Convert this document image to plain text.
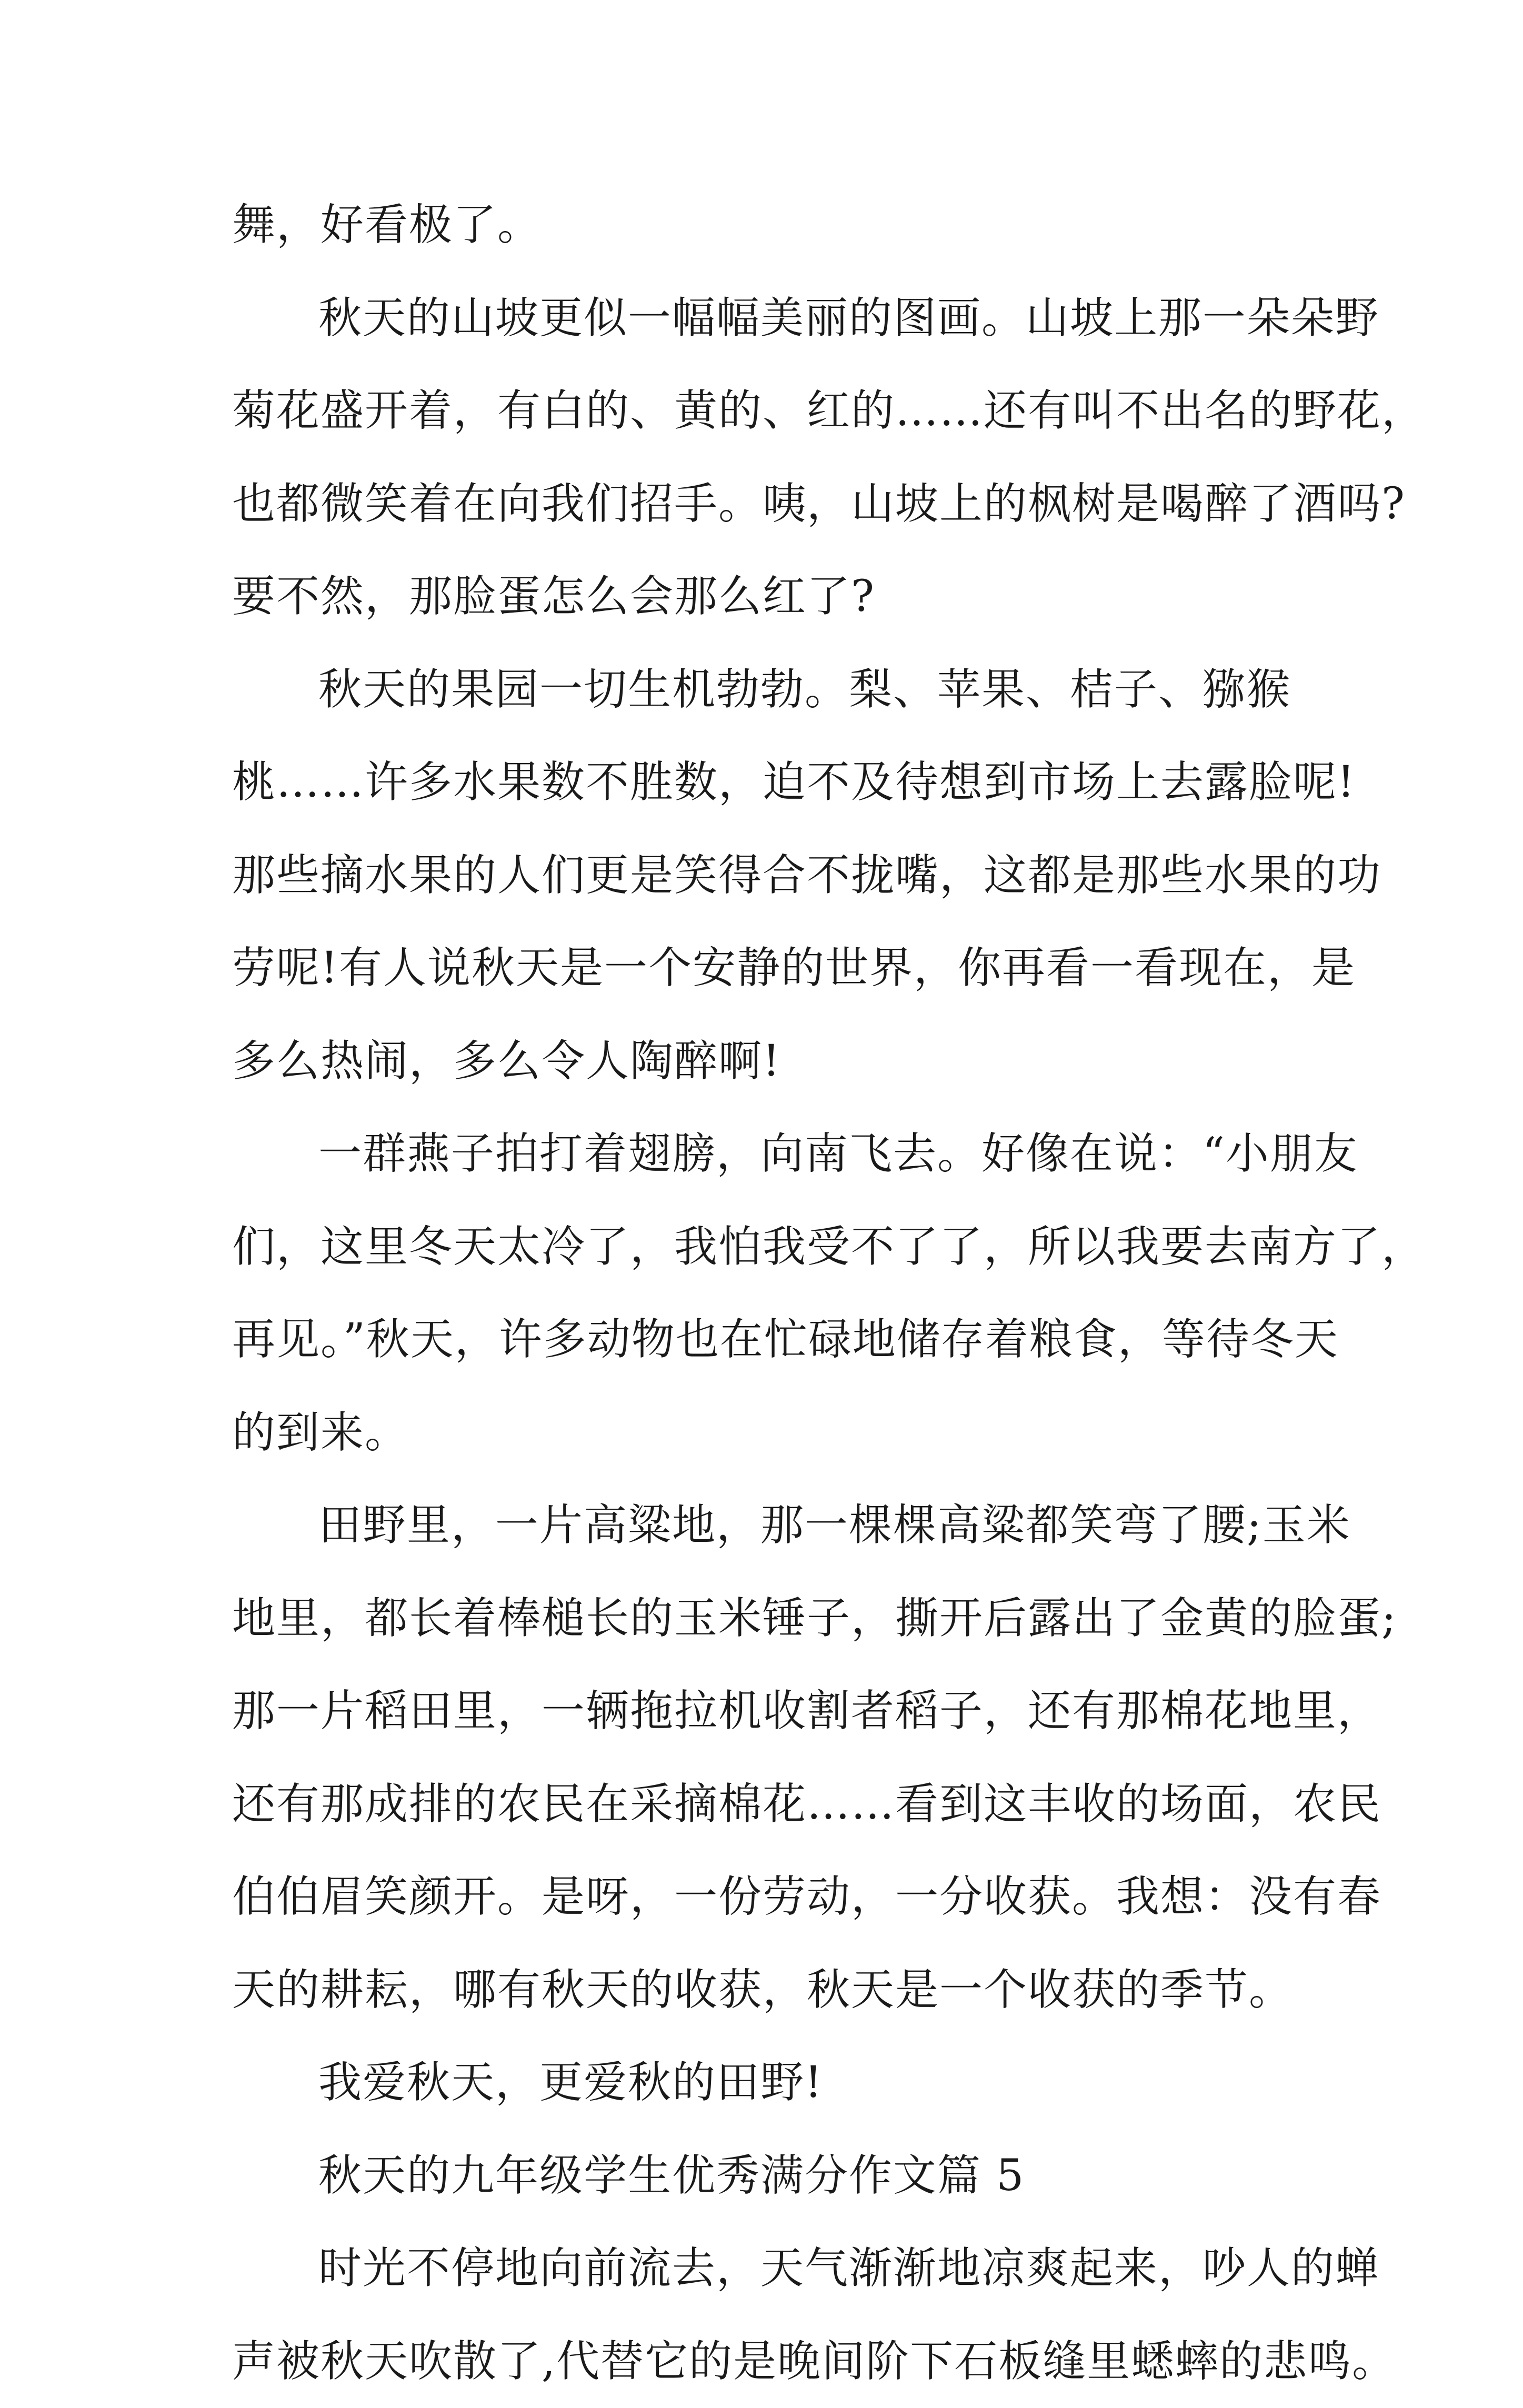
舞，好看极了。
秋天的山坡更似一幅幅美丽的图画。山坡上那一朵朵野
菊花盛开着，有白的、黄的、红的……还有叫不出名的野花，
也都微笑着在向我们招手。咦，山坡上的枫树是喝醉了酒吗?
要不然，那脸蛋怎么会那么红了?
秋天的果园一切生机勃勃。梨、苹果、桔子、猕猴
桃……许多水果数不胜数，迫不及待想到市场上去露脸呢!
那些摘水果的人们更是笑得合不拢嘴，这都是那些水果的功
劳呢!有人说秋天是一个安静的世界，你再看一看现在，是
多么热闹，多么令人陶醉啊!
一群燕子拍打着翅膀，向南飞去。好像在说：“小朋友
们，这里冬天太冷了，我怕我受不了了，所以我要去南方了，
再见。”秋天，许多动物也在忙碌地储存着粮食，等待冬天
的到来。
田野里，一片高粱地，那一棵棵高粱都笑弯了腰;玉米
地里，都长着棒槌长的玉米锤子，撕开后露出了金黄的脸蛋;
那一片稻田里，一辆拖拉机收割者稻子，还有那棉花地里，
还有那成排的农民在采摘棉花……看到这丰收的场面，农民
伯伯眉笑颜开。是呀，一份劳动，一分收获。我想：没有春
天的耕耘，哪有秋天的收获，秋天是一个收获的季节。
我爱秋天，更爱秋的田野!
秋天的九年级学生优秀满分作文篇 5
时光不停地向前流去，天气渐渐地凉爽起来，吵人的蝉
声被秋天吹散了,代替它的是晚间阶下石板缝里蟋蟀的悲鸣。
